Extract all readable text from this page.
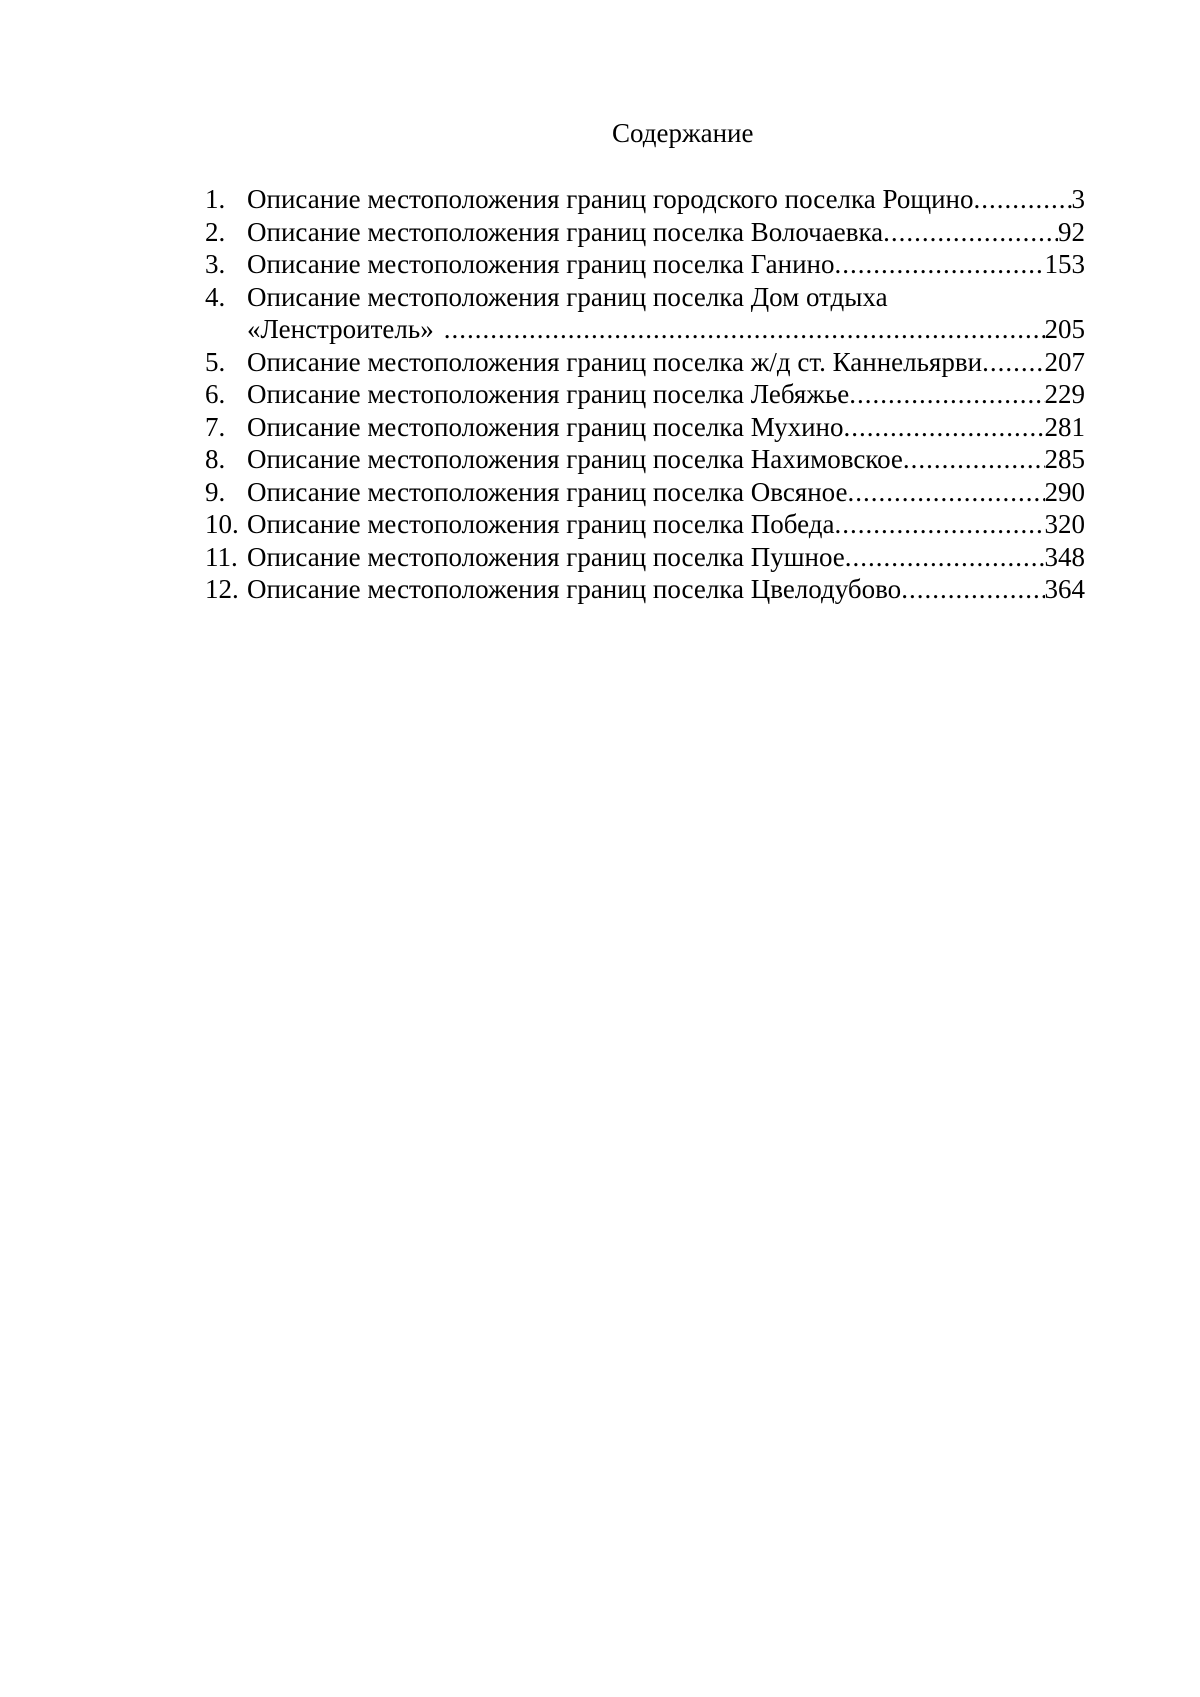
Содержание
1. Описание местоположения границ городского поселка Рощино .....	3
2. Описание местоположения границ поселка Волочаевка .....	92
3. Описание местоположения границ поселка Ганино .....	153
4. Описание местоположения границ поселка Дом отдыха
«Ленстроитель» .....	205
5. Описание местоположения границ поселка ж/д ст. Каннельярви ..... 207
6. Описание местоположения границ поселка Лебяжье .....	229
7. Описание местоположения границ поселка Мухино .....	281
8. Описание местоположения границ поселка Нахимовское .....	285
9. Описание местоположения границ поселка Овсяное .....	290
10. Описание местоположения границ поселка Победа .....	320
11. Описание местоположения границ поселка Пушное .....	348
12. Описание местоположения границ поселка Цвелодубово .....	364
